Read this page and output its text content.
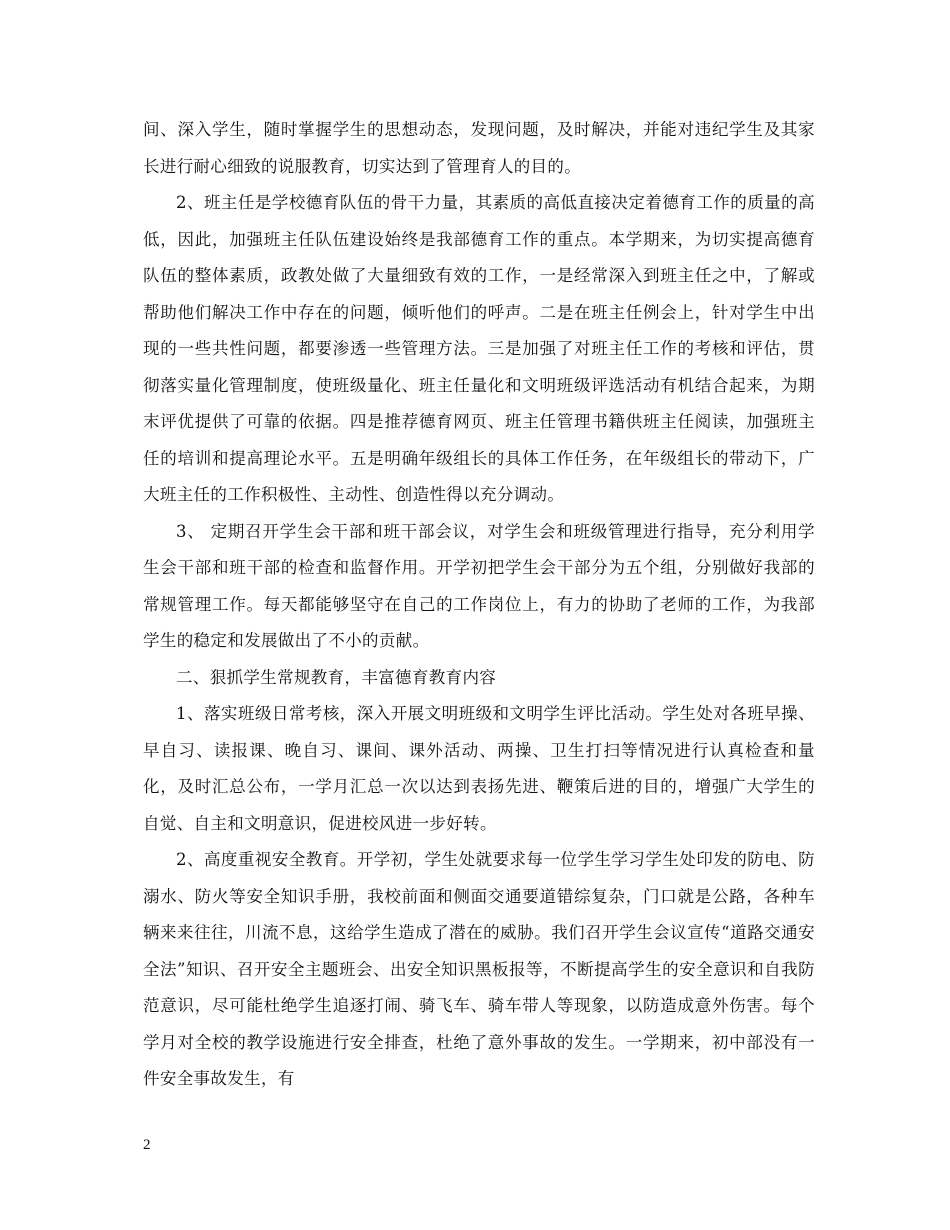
间、深入学生，随时掌握学生的思想动态，发现问题，及时解决，并能对违纪学生及其家长进行耐心细致的说服教育，切实达到了管理育人的目的。

2、班主任是学校德育队伍的骨干力量，其素质的高低直接决定着德育工作的质量的高低，因此，加强班主任队伍建设始终是我部德育工作的重点。本学期来，为切实提高德育队伍的整体素质，政教处做了大量细致有效的工作，一是经常深入到班主任之中，了解或帮助他们解决工作中存在的问题，倾听他们的呼声。二是在班主任例会上，针对学生中出现的一些共性问题，都要渗透一些管理方法。三是加强了对班主任工作的考核和评估，贯彻落实量化管理制度，使班级量化、班主任量化和文明班级评选活动有机结合起来，为期末评优提供了可靠的依据。四是推荐德育网页、班主任管理书籍供班主任阅读，加强班主任的培训和提高理论水平。五是明确年级组长的具体工作任务，在年级组长的带动下，广大班主任的工作积极性、主动性、创造性得以充分调动。

3、 定期召开学生会干部和班干部会议，对学生会和班级管理进行指导，充分利用学生会干部和班干部的检查和监督作用。开学初把学生会干部分为五个组，分别做好我部的常规管理工作。每天都能够坚守在自己的工作岗位上，有力的协助了老师的工作，为我部学生的稳定和发展做出了不小的贡献。

二、狠抓学生常规教育，丰富德育教育内容

1、落实班级日常考核，深入开展文明班级和文明学生评比活动。学生处对各班早操、早自习、读报课、晚自习、课间、课外活动、两操、卫生打扫等情况进行认真检查和量化，及时汇总公布，一学月汇总一次以达到表扬先进、鞭策后进的目的，增强广大学生的自觉、自主和文明意识，促进校风进一步好转。

2、高度重视安全教育。开学初，学生处就要求每一位学生学习学生处印发的防电、防溺水、防火等安全知识手册，我校前面和侧面交通要道错综复杂，门口就是公路，各种车辆来来往往，川流不息，这给学生造成了潜在的威胁。我们召开学生会议宣传“道路交通安全法”知识、召开安全主题班会、出安全知识黑板报等，不断提高学生的安全意识和自我防范意识，尽可能杜绝学生追逐打闹、骑飞车、骑车带人等现象，以防造成意外伤害。每个学月对全校的教学设施进行安全排查，杜绝了意外事故的发生。一学期来，初中部没有一件安全事故发生，有

2
